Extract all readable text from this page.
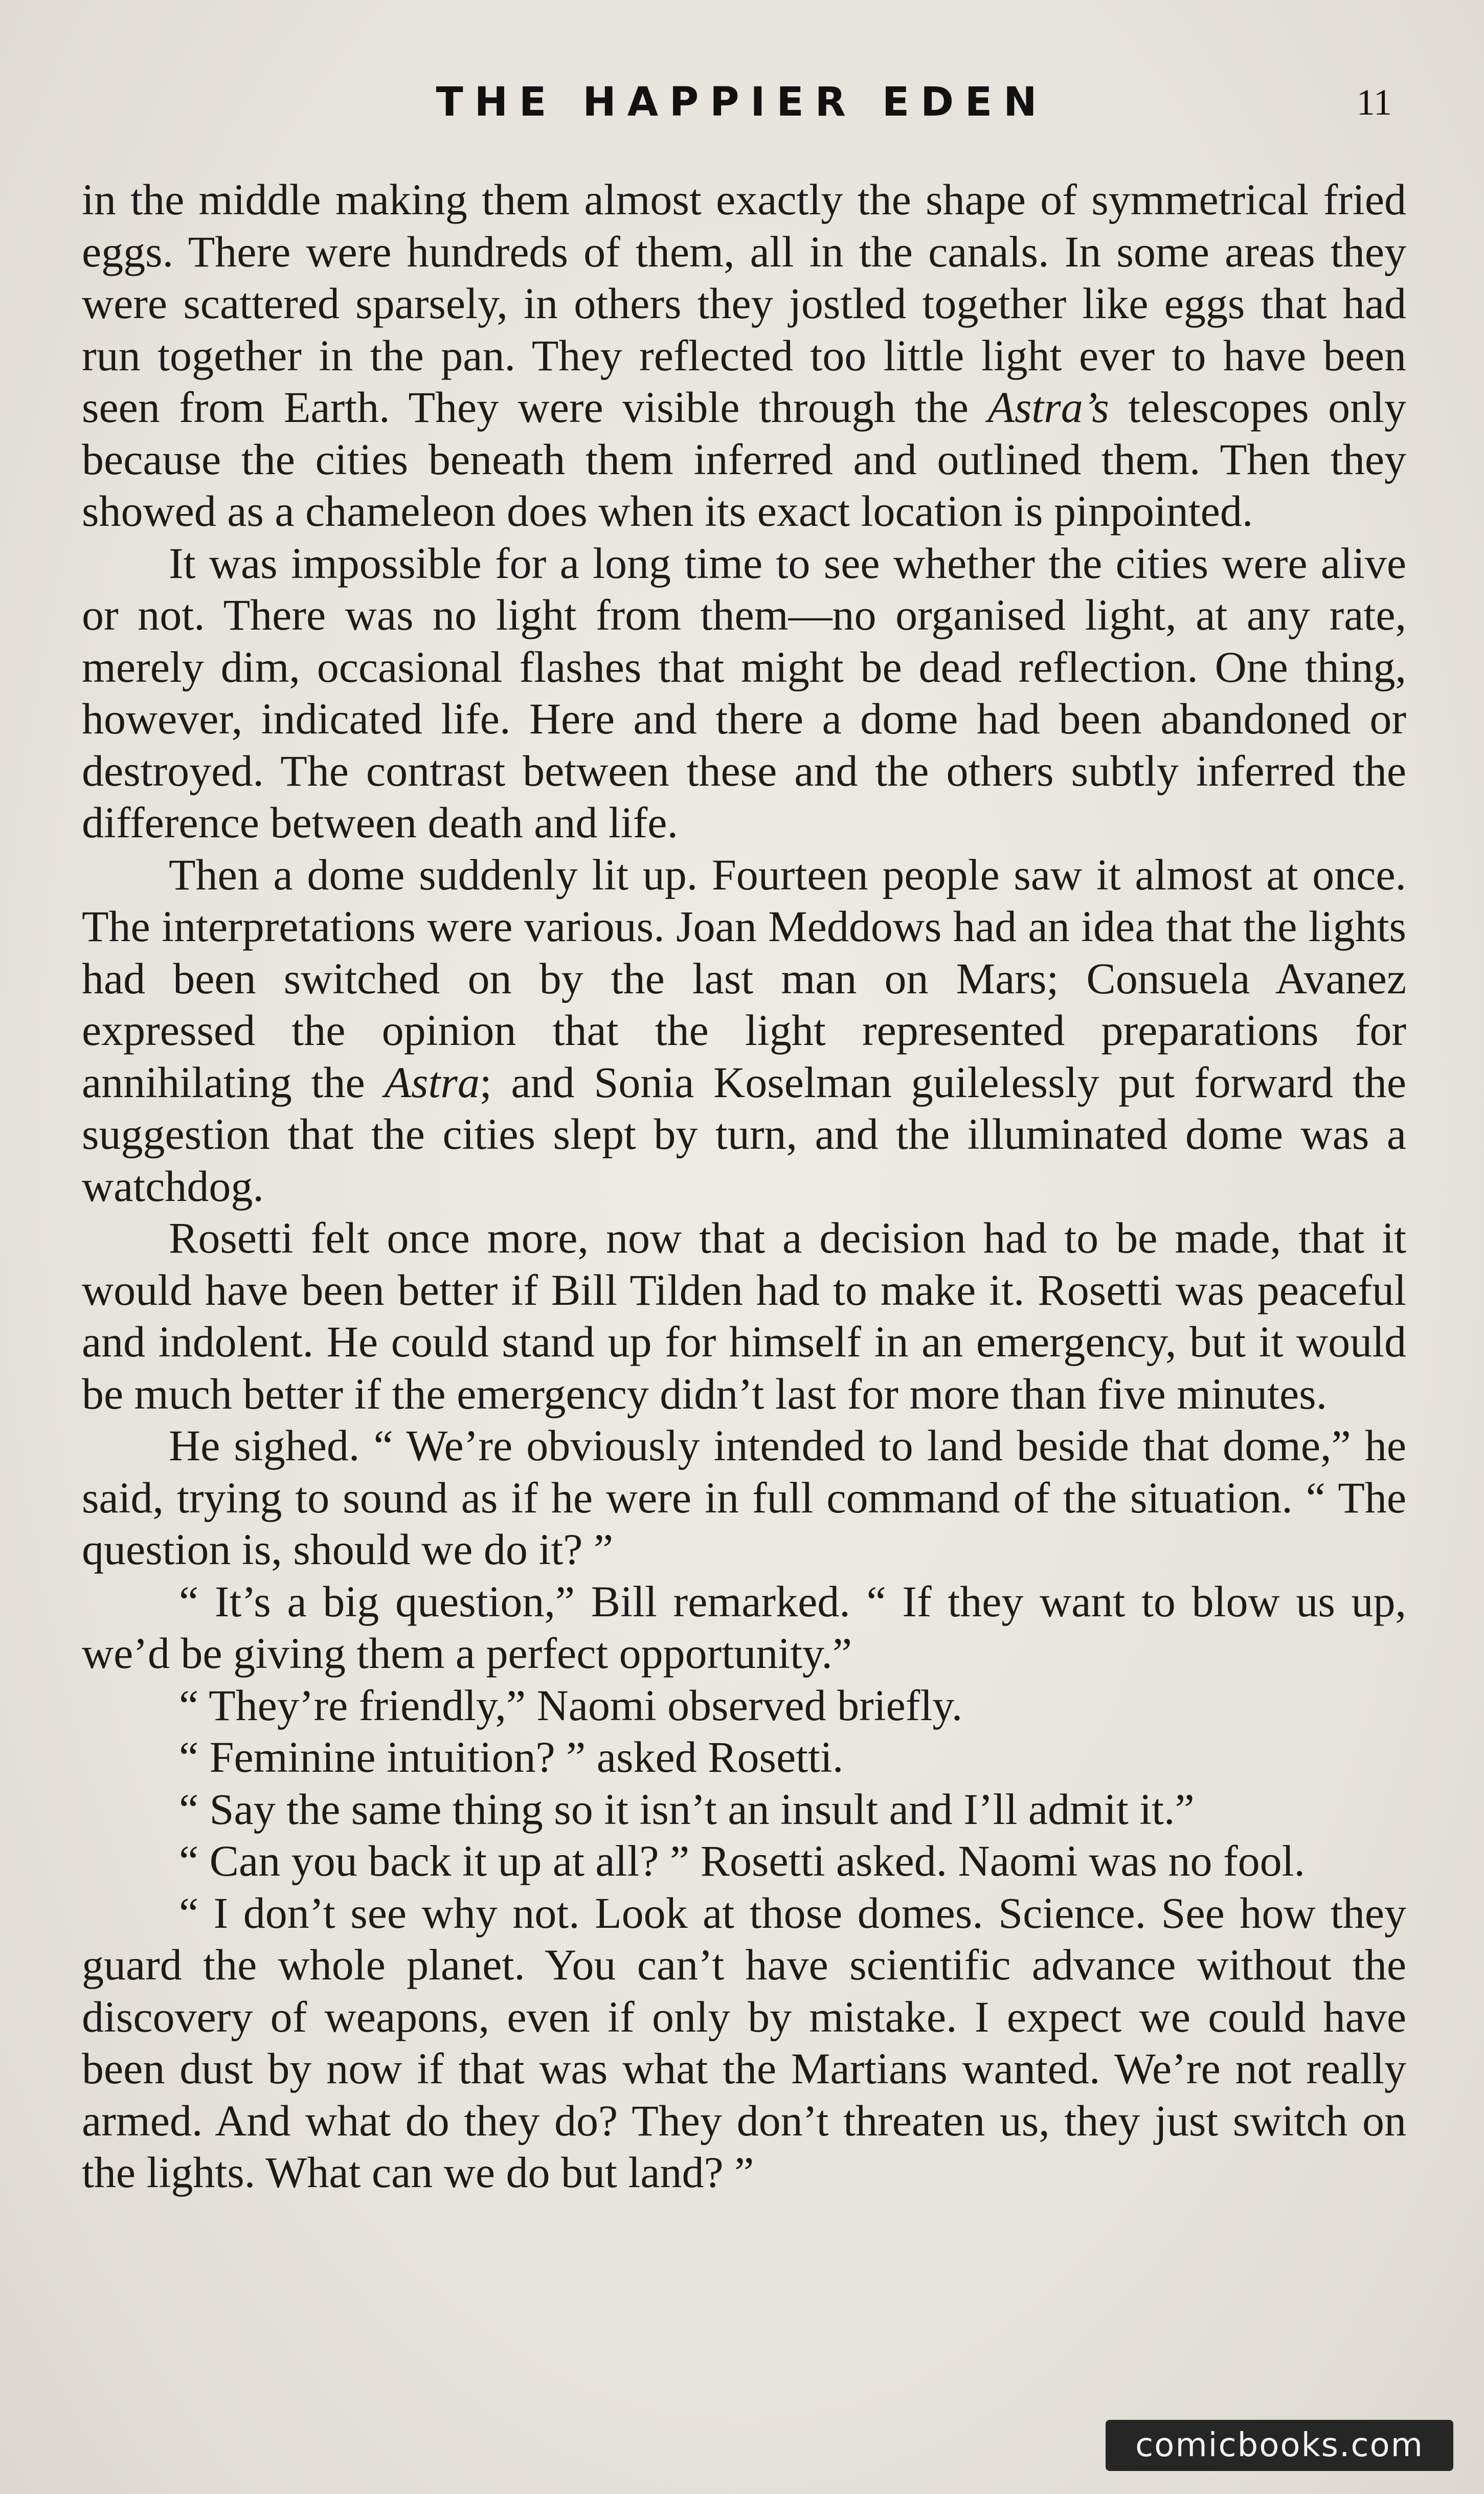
THE HAPPIER EDEN	11

in the middle making them almost exactly the shape of symmetrical fried eggs. There were hundreds of them, all in the canals. In some areas they were scattered sparsely, in others they jostled together like eggs that had run together in the pan. They reflected too little light ever to have been seen from Earth. They were visible through the Astra’s telescopes only because the cities beneath them inferred and outlined them. Then they showed as a chameleon does when its exact location is pinpointed.

It was impossible for a long time to see whether the cities were alive or not. There was no light from them—no organised light, at any rate, merely dim, occasional flashes that might be dead reflection. One thing, however, indicated life. Here and there a dome had been abandoned or destroyed. The contrast between these and the others subtly inferred the difference between death and life.

Then a dome suddenly lit up. Fourteen people saw it almost at once. The interpretations were various. Joan Meddows had an idea that the lights had been switched on by the last man on Mars; Consuela Avanez expressed the opinion that the light represented preparations for annihilating the Astra; and Sonia Koselman guilelessly put forward the suggestion that the cities slept by turn, and the illuminated dome was a watchdog.

Rosetti felt once more, now that a decision had to be made, that it would have been better if Bill Tilden had to make it. Rosetti was peaceful and indolent. He could stand up for himself in an emergency, but it would be much better if the emergency didn’t last for more than five minutes.

He sighed. “ We’re obviously intended to land beside that dome,” he said, trying to sound as if he were in full command of the situation. “ The question is, should we do it? ”

“ It’s a big question,” Bill remarked. “ If they want to blow us up, we’d be giving them a perfect opportunity.”

“ They’re friendly,” Naomi observed briefly.

“ Feminine intuition? ” asked Rosetti.

“ Say the same thing so it isn’t an insult and I’ll admit it.”

“ Can you back it up at all? ” Rosetti asked. Naomi was no fool.

“ I don’t see why not. Look at those domes. Science. See how they guard the whole planet. You can’t have scientific advance without the discovery of weapons, even if only by mistake. I expect we could have been dust by now if that was what the Martians wanted. We’re not really armed. And what do they do? They don’t threaten us, they just switch on the lights. What can we do but land? ”

comicbooks.com
